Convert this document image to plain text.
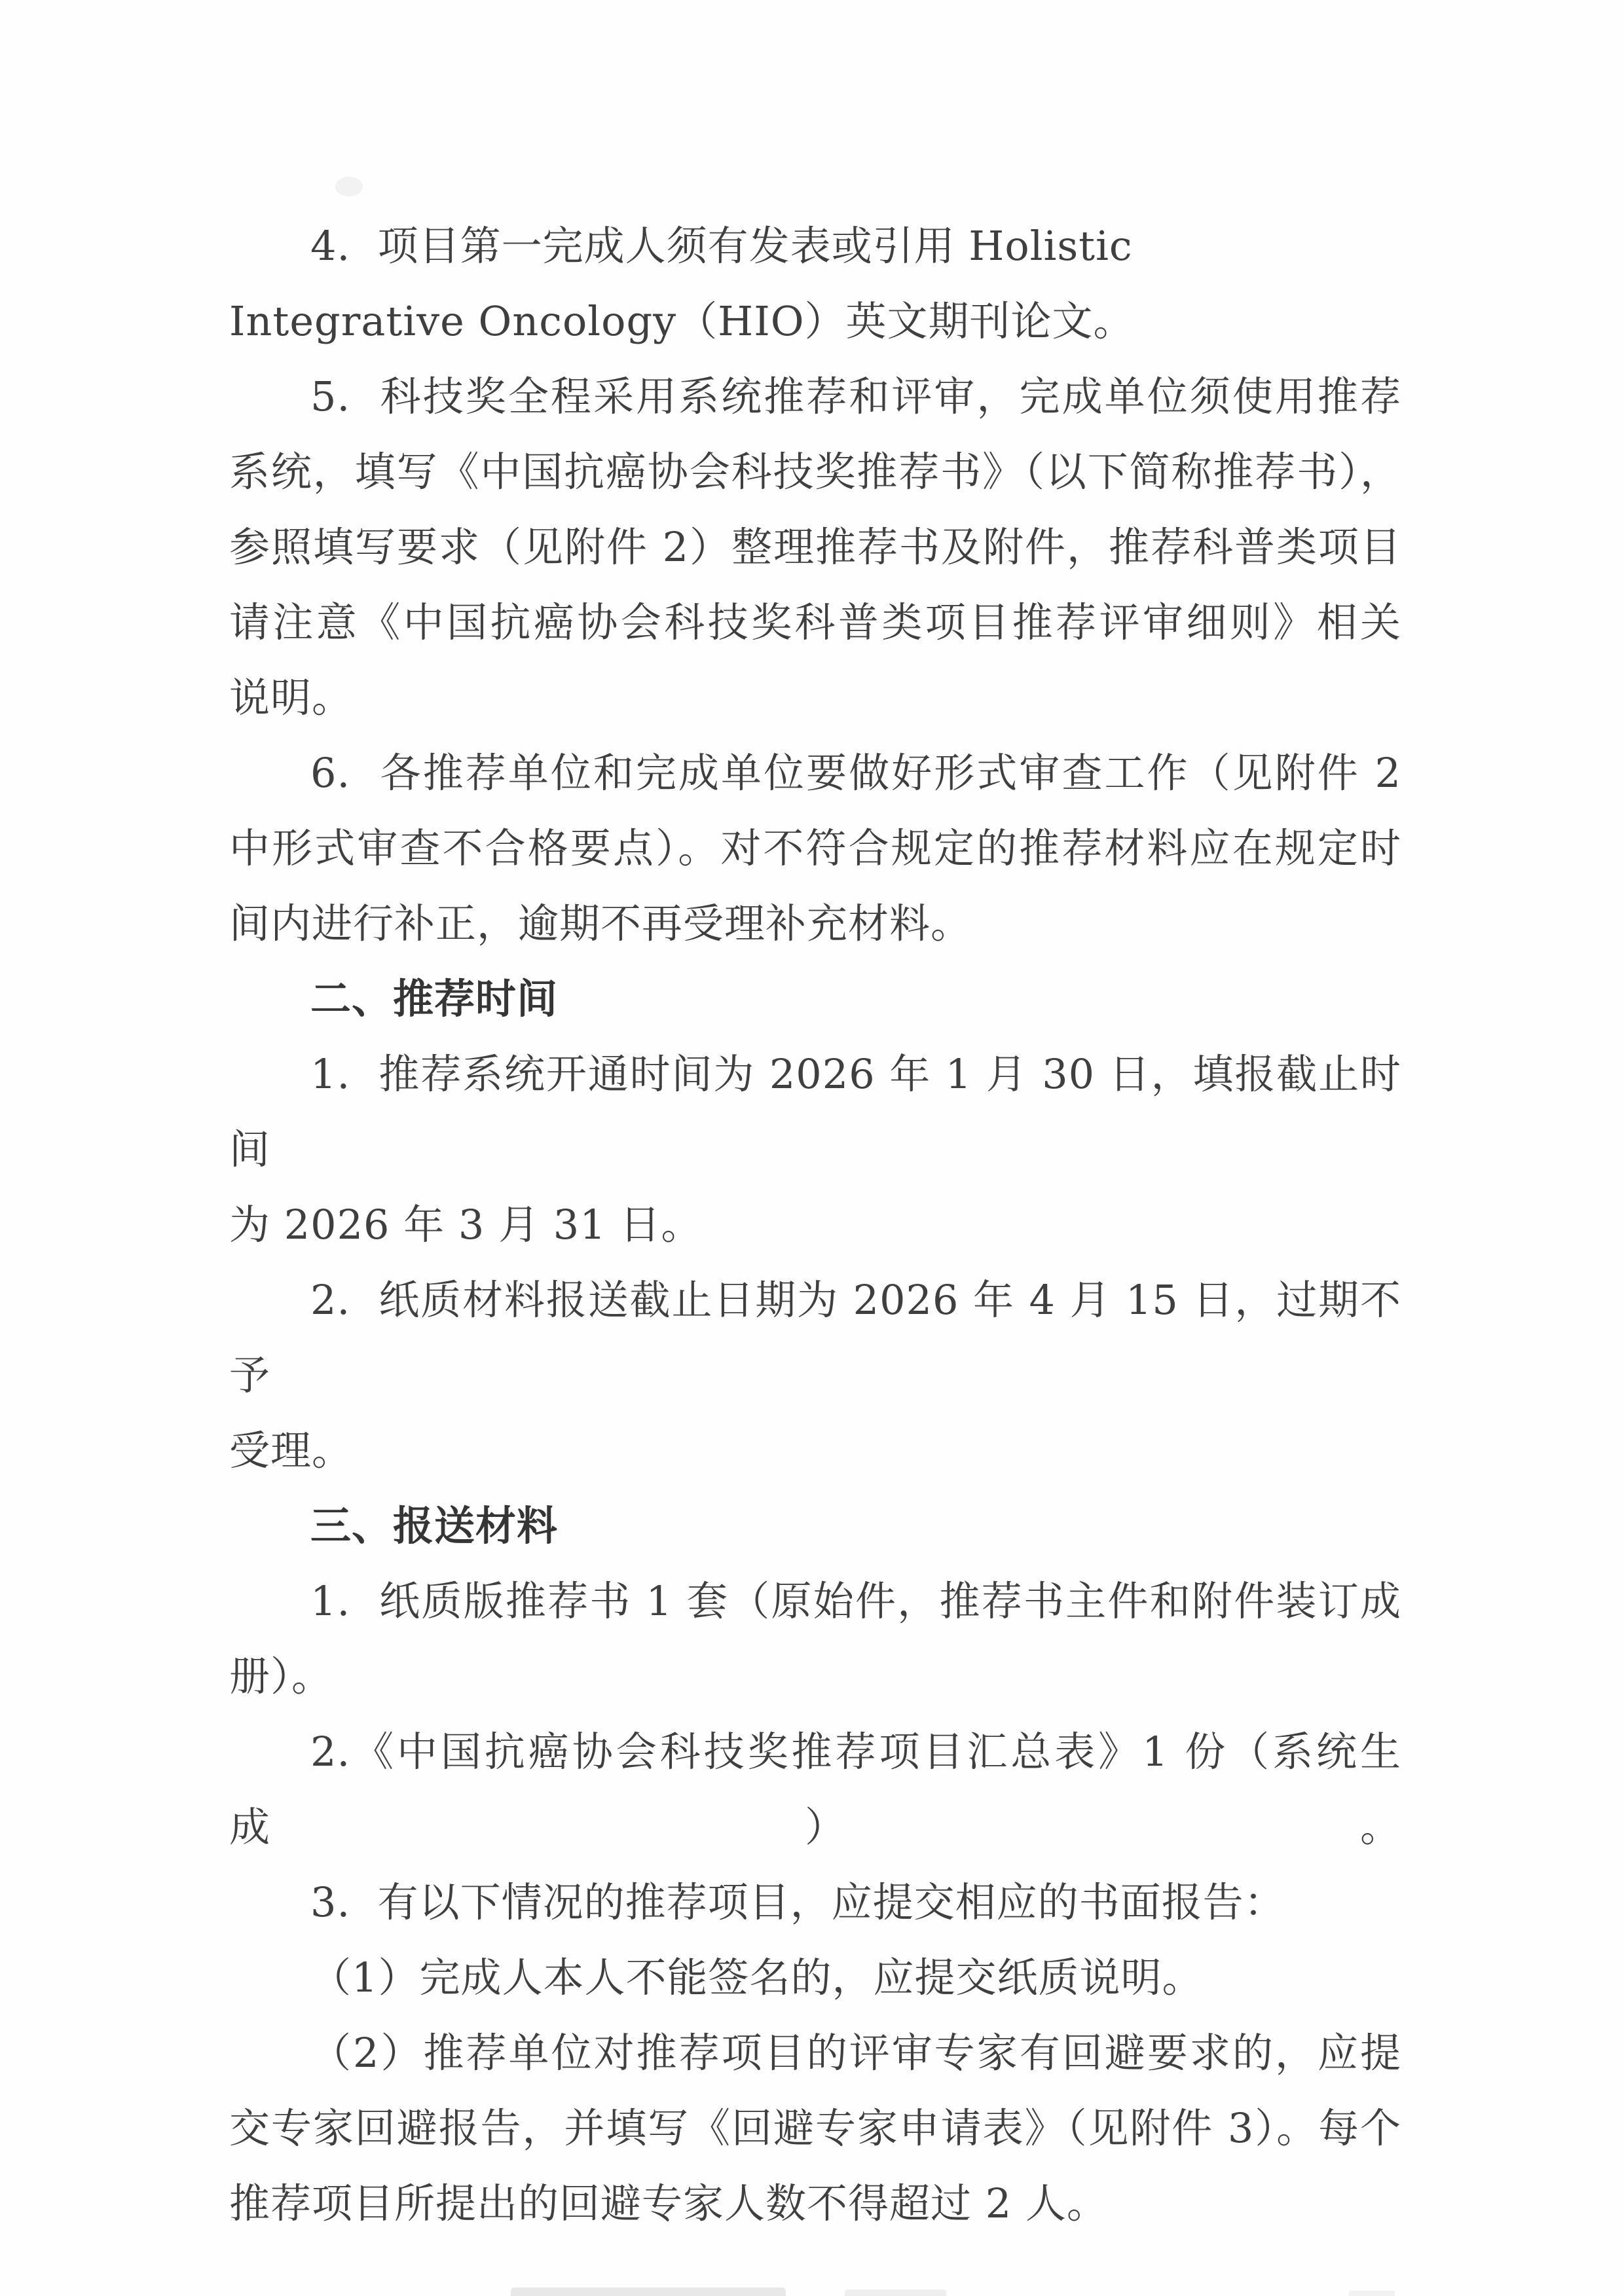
4.  项目第一完成人须有发表或引用 Holistic
Integrative Oncology（HIO）英文期刊论文。
5.  科技奖全程采用系统推荐和评审，完成单位须使用推荐
系统，填写《中国抗癌协会科技奖推荐书》（以下简称推荐书），
参照填写要求（见附件 2）整理推荐书及附件，推荐科普类项目
请注意《中国抗癌协会科技奖科普类项目推荐评审细则》相关
说明。
6.  各推荐单位和完成单位要做好形式审查工作（见附件 2
中形式审查不合格要点）。对不符合规定的推荐材料应在规定时
间内进行补正，逾期不再受理补充材料。
二、推荐时间
1.  推荐系统开通时间为 2026 年 1 月 30 日，填报截止时间
为 2026 年 3 月 31 日。
2.  纸质材料报送截止日期为 2026 年 4 月 15 日，过期不予
受理。
三、报送材料
1.  纸质版推荐书 1 套（原始件，推荐书主件和附件装订成
册）。
2.《中国抗癌协会科技奖推荐项目汇总表》1 份（系统生成）。
3.  有以下情况的推荐项目，应提交相应的书面报告：
（1）完成人本人不能签名的，应提交纸质说明。
（2）推荐单位对推荐项目的评审专家有回避要求的，应提
交专家回避报告，并填写《回避专家申请表》（见附件 3）。每个
推荐项目所提出的回避专家人数不得超过 2 人。
